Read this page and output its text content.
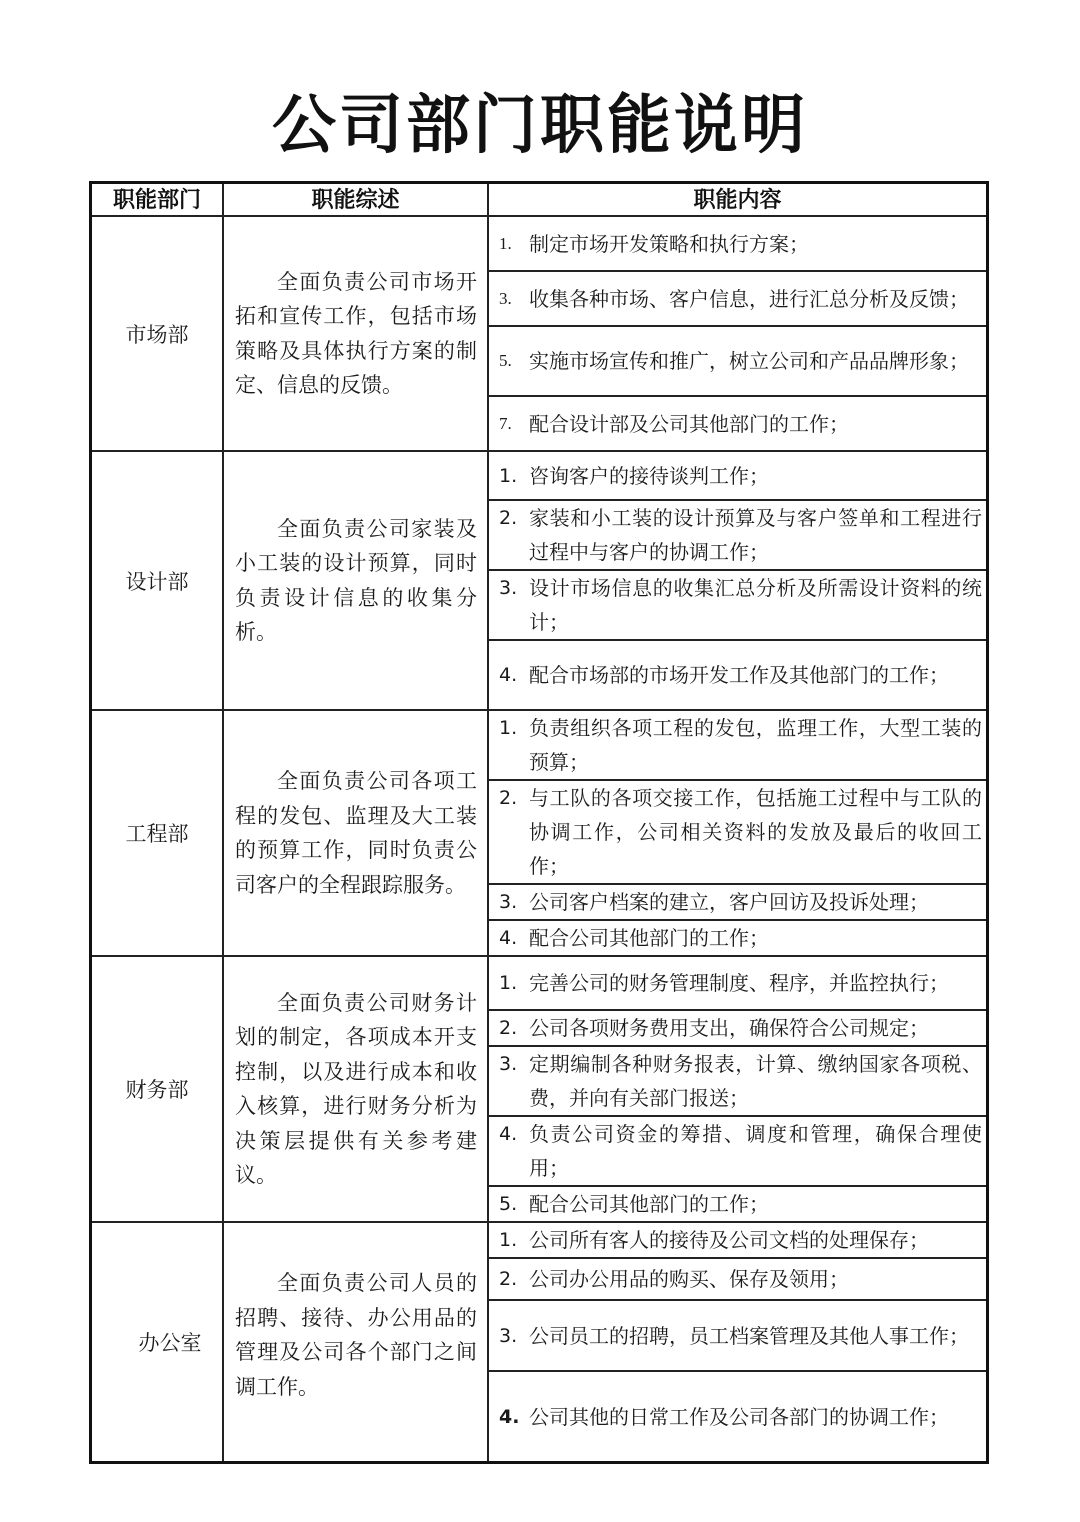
公司部门职能说明
职能部门	职能综述	职能内容
市场部

全面负责公司市场开拓和宣传工作，包括市场策略及具体执行方案的制定、信息的反馈。

1. 制定市场开发策略和执行方案；
3. 收集各种市场、客户信息，进行汇总分析及反馈；
5. 实施市场宣传和推广，树立公司和产品品牌形象；
7. 配合设计部及公司其他部门的工作；
设计部

全面负责公司家装及小工装的设计预算，同时负责设计信息的收集分析。

1. 咨询客户的接待谈判工作；
2. 家装和小工装的设计预算及与客户签单和工程进行过程中与客户的协调工作；
3. 设计市场信息的收集汇总分析及所需设计资料的统计；
4. 配合市场部的市场开发工作及其他部门的工作；
工程部

全面负责公司各项工程的发包、监理及大工装的预算工作，同时负责公司客户的全程跟踪服务。

1. 负责组织各项工程的发包，监理工作，大型工装的预算；
2. 与工队的各项交接工作，包括施工过程中与工队的协调工作，公司相关资料的发放及最后的收回工作；
3. 公司客户档案的建立，客户回访及投诉处理；
4. 配合公司其他部门的工作；
财务部

全面负责公司财务计划的制定，各项成本开支控制，以及进行成本和收入核算，进行财务分析为决策层提供有关参考建议。

1. 完善公司的财务管理制度、程序，并监控执行；
2. 公司各项财务费用支出，确保符合公司规定；
3. 定期编制各种财务报表，计算、缴纳国家各项税、费，并向有关部门报送；
4. 负责公司资金的筹措、调度和管理，确保合理使用；
5. 配合公司其他部门的工作；
办公室

全面负责公司人员的招聘、接待、办公用品的管理及公司各个部门之间调工作。

1. 公司所有客人的接待及公司文档的处理保存；
2. 公司办公用品的购买、保存及领用；
3. 公司员工的招聘，员工档案管理及其他人事工作；
4. 公司其他的日常工作及公司各部门的协调工作；
